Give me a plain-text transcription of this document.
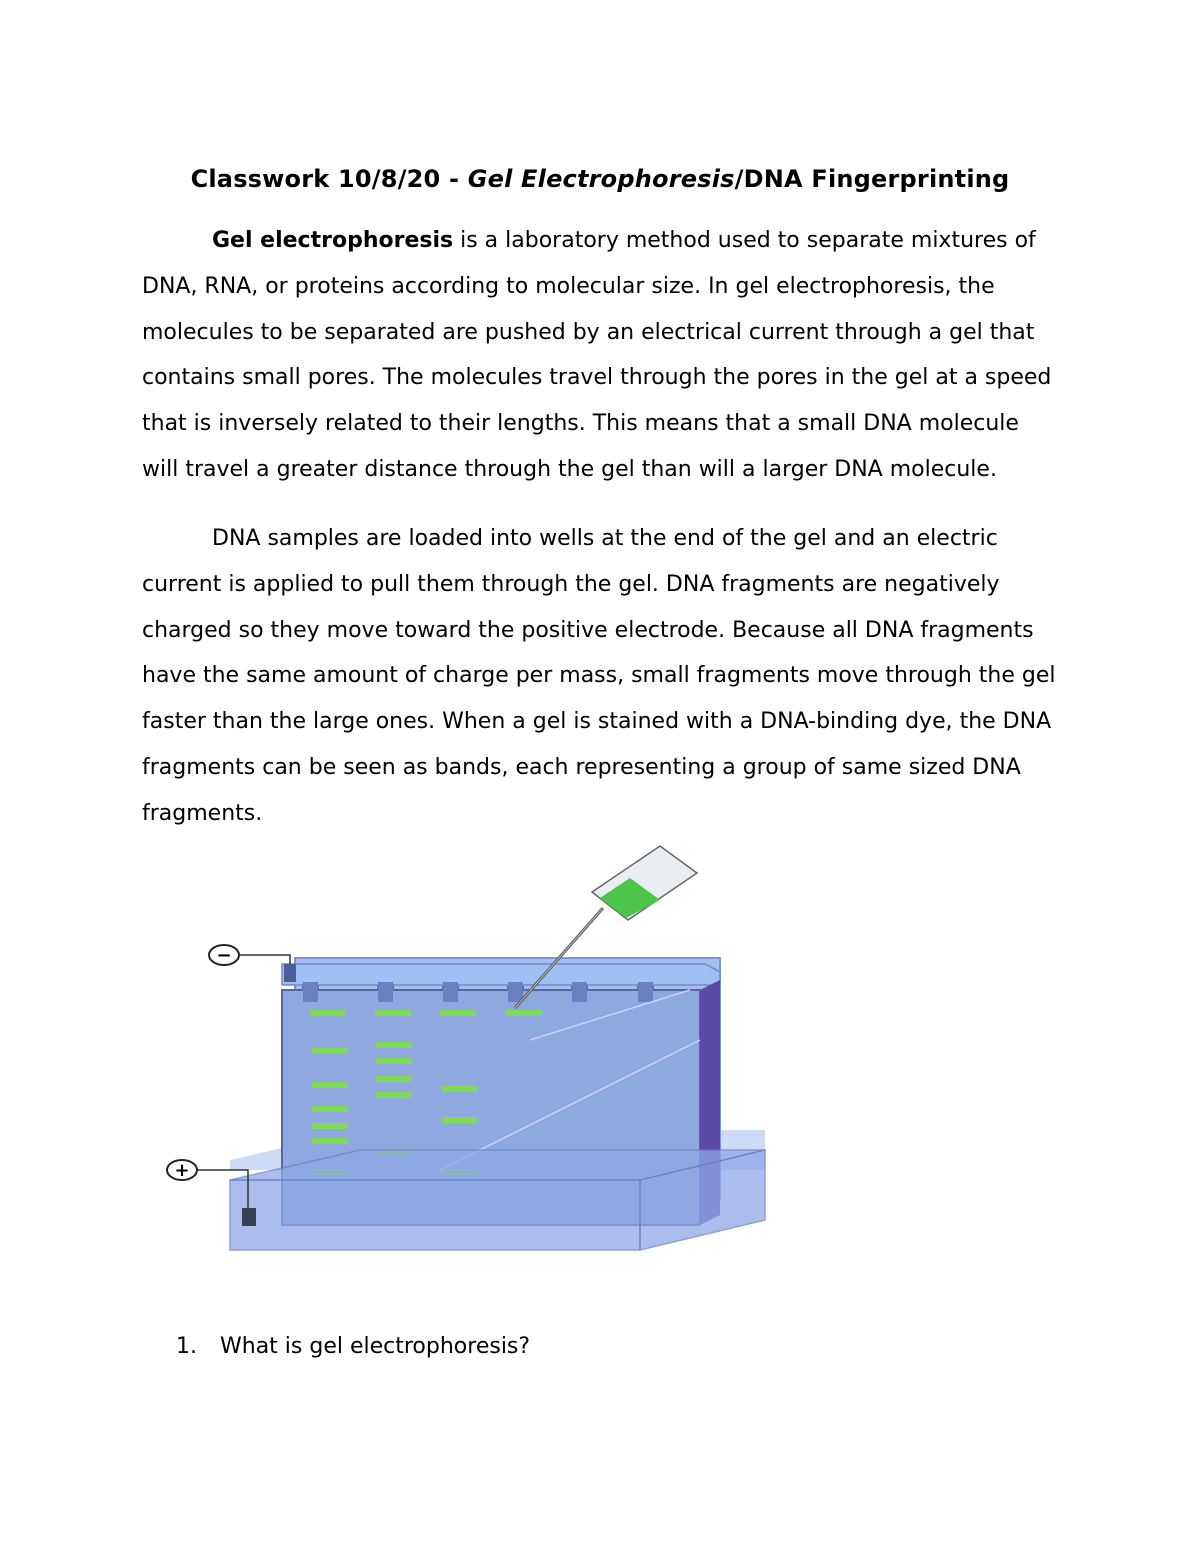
Classwork 10/8/20 - Gel Electrophoresis/DNA Fingerprinting
Gel electrophoresis is a laboratory method used to separate mixtures of
DNA, RNA, or proteins according to molecular size. In gel electrophoresis, the
molecules to be separated are pushed by an electrical current through a gel that
contains small pores. The molecules travel through the pores in the gel at a speed
that is inversely related to their lengths. This means that a small DNA molecule
will travel a greater distance through the gel than will a larger DNA molecule.
DNA samples are loaded into wells at the end of the gel and an electric
current is applied to pull them through the gel. DNA fragments are negatively
charged so they move toward the positive electrode. Because all DNA fragments
have the same amount of charge per mass, small fragments move through the gel
faster than the large ones. When a gel is stained with a DNA-binding dye, the DNA
fragments can be seen as bands, each representing a group of same sized DNA
fragments.
−
+
1. What is gel electrophoresis?
